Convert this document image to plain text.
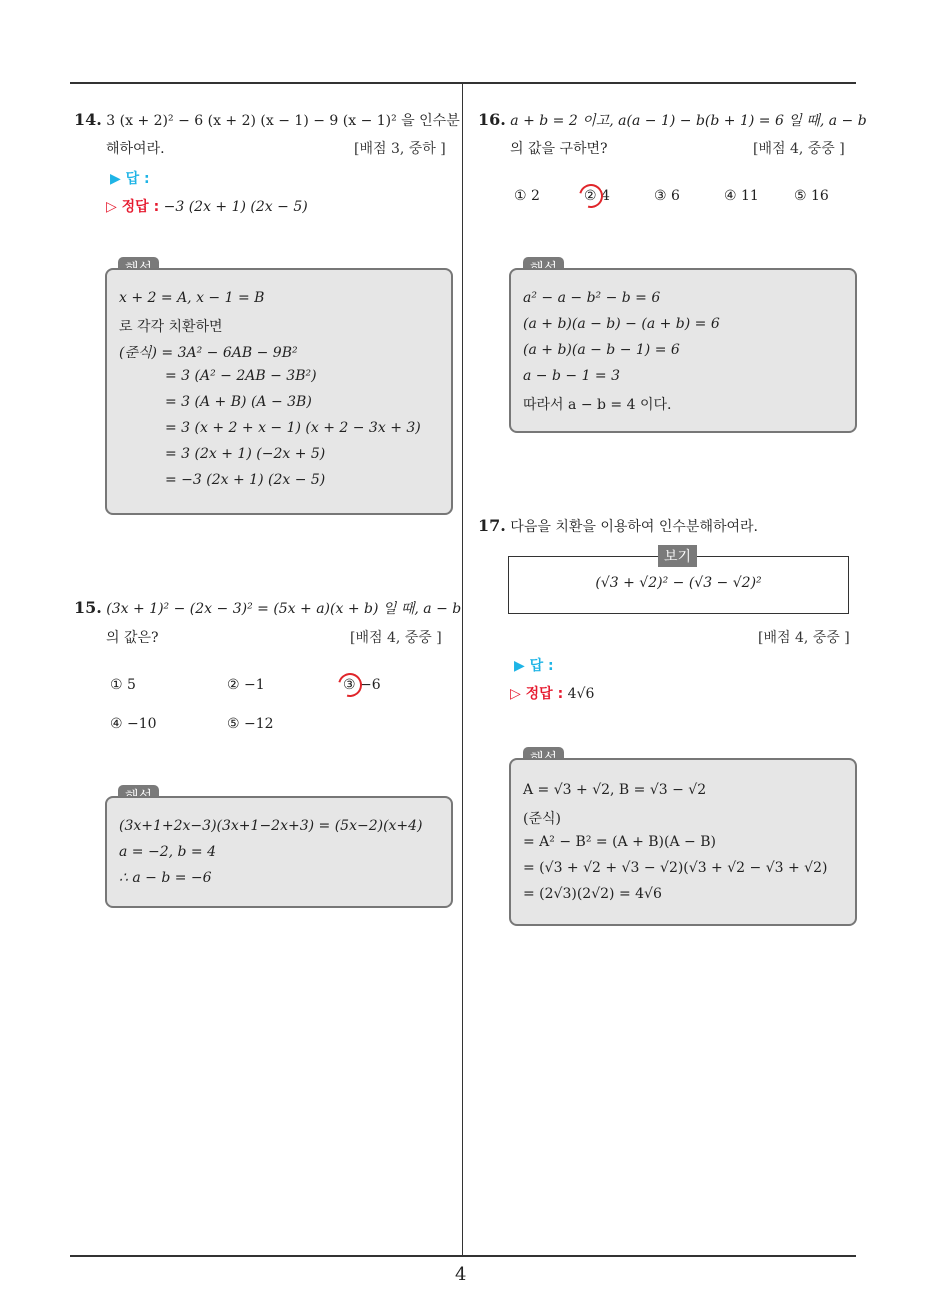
4
14. 3 (x + 2)² − 6 (x + 2) (x − 1) − 9 (x − 1)² 을 인수분
해하여라.	[배점 3, 중하 ]
▶ 답 :
▷ 정답 : −3 (2x + 1) (2x − 5)
x + 2 = A, x − 1 = B
로 각각 치환하면
(준식) = 3A² − 6AB − 9B²
= 3 (A² − 2AB − 3B²)
= 3 (A + B) (A − 3B)
= 3 (x + 2 + x − 1) (x + 2 − 3x + 3)
= 3 (2x + 1) (−2x + 5)
= −3 (2x + 1) (2x − 5)
15. (3x + 1)² − (2x − 3)² = (5x + a)(x + b) 일 때, a − b
의 값은?	[배점 4, 중중 ]
① 5	② −1	③ −6
④ −10	⑤ −12
(3x+1+2x−3)(3x+1−2x+3) = (5x−2)(x+4)
a = −2, b = 4
∴ a − b = −6
16. a + b = 2 이고, a(a − 1) − b(b + 1) = 6 일 때, a − b
의 값을 구하면?	[배점 4, 중중 ]
① 2	② 4	③ 6	④ 11	⑤ 16
a² − a − b² − b = 6
(a + b)(a − b) − (a + b) = 6
(a + b)(a − b − 1) = 6
a − b − 1 = 3
따라서 a − b = 4 이다.
17. 다음을 치환을 이용하여 인수분해하여라.
(√3 + √2)² − (√3 − √2)²
보기
[배점 4, 중중 ]
▶ 답 :
▷ 정답 : 4√6
A = √3 + √2, B = √3 − √2
(준식)
= A² − B² = (A + B)(A − B)
= (√3 + √2 + √3 − √2)(√3 + √2 − √3 + √2)
= (2√3)(2√2) = 4√6
